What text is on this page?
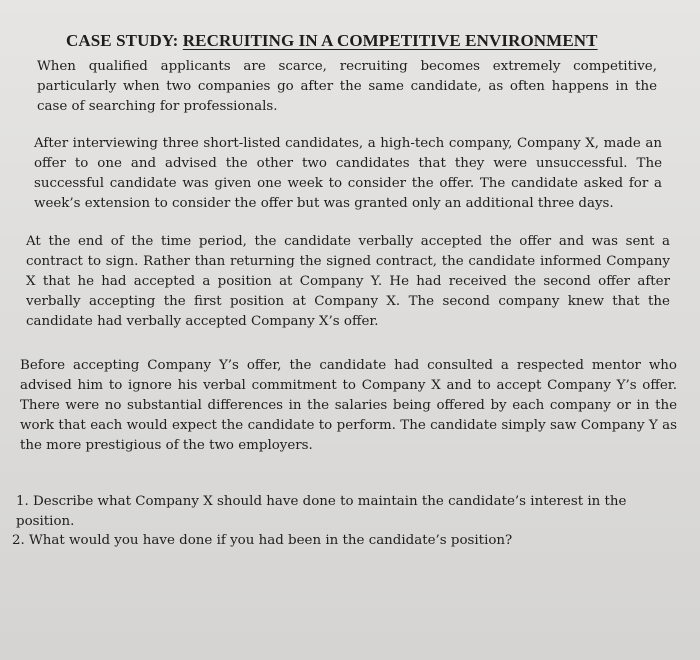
CASE STUDY: RECRUITING IN A COMPETITIVE ENVIRONMENT

When qualified applicants are scarce, recruiting becomes extremely competitive, particularly when two companies go after the same candidate, as often happens in the case of searching for professionals.

After interviewing three short-listed candidates, a high-tech company, Company X, made an offer to one and advised the other two candidates that they were unsuccessful. The successful candidate was given one week to consider the offer. The candidate asked for a week’s extension to consider the offer but was granted only an additional three days.

At the end of the time period, the candidate verbally accepted the offer and was sent a contract to sign. Rather than returning the signed contract, the candidate informed Company X that he had accepted a position at Company Y. He had received the second offer after verbally accepting the first position at Company X. The second company knew that the candidate had verbally accepted Company X’s offer.

Before accepting Company Y’s offer, the candidate had consulted a respected mentor who advised him to ignore his verbal commitment to Company X and to accept Company Y’s offer. There were no substantial differences in the salaries being offered by each company or in the work that each would expect the candidate to perform. The candidate simply saw Company Y as the more prestigious of the two employers.

1. Describe what Company X should have done to maintain the candidate’s interest in the position.

2. What would you have done if you had been in the candidate’s position?
